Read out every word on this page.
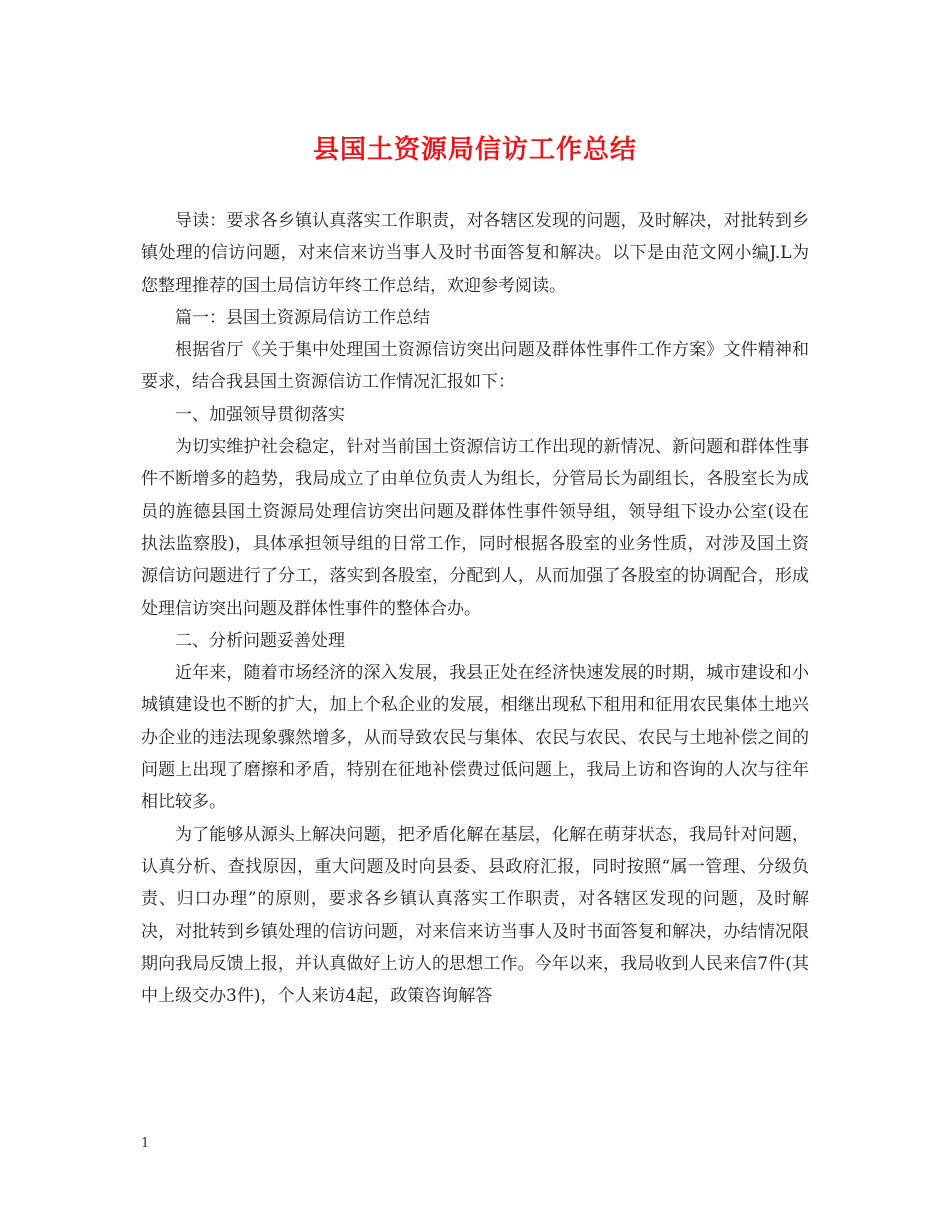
县国土资源局信访工作总结

导读：要求各乡镇认真落实工作职责，对各辖区发现的问题，及时解决，对批转到乡镇处理的信访问题，对来信来访当事人及时书面答复和解决。以下是由范文网小编J.L为您整理推荐的国土局信访年终工作总结，欢迎参考阅读。

篇一：县国土资源局信访工作总结

根据省厅《关于集中处理国土资源信访突出问题及群体性事件工作方案》文件精神和要求，结合我县国土资源信访工作情况汇报如下：

一、加强领导贯彻落实

为切实维护社会稳定，针对当前国土资源信访工作出现的新情况、新问题和群体性事件不断增多的趋势，我局成立了由单位负责人为组长，分管局长为副组长，各股室长为成员的旌德县国土资源局处理信访突出问题及群体性事件领导组，领导组下设办公室(设在执法监察股)，具体承担领导组的日常工作，同时根据各股室的业务性质，对涉及国土资源信访问题进行了分工，落实到各股室，分配到人，从而加强了各股室的协调配合，形成处理信访突出问题及群体性事件的整体合办。

二、分析问题妥善处理

近年来，随着市场经济的深入发展，我县正处在经济快速发展的时期，城市建设和小城镇建设也不断的扩大，加上个私企业的发展，相继出现私下租用和征用农民集体土地兴办企业的违法现象骤然增多，从而导致农民与集体、农民与农民、农民与土地补偿之间的问题上出现了磨擦和矛盾，特别在征地补偿费过低问题上，我局上访和咨询的人次与往年相比较多。

为了能够从源头上解决问题，把矛盾化解在基层，化解在萌芽状态，我局针对问题，认真分析、查找原因，重大问题及时向县委、县政府汇报，同时按照“属一管理、分级负责、归口办理”的原则，要求各乡镇认真落实工作职责，对各辖区发现的问题，及时解决，对批转到乡镇处理的信访问题，对来信来访当事人及时书面答复和解决，办结情况限期向我局反馈上报，并认真做好上访人的思想工作。今年以来，我局收到人民来信7件(其中上级交办3件)，个人来访4起，政策咨询解答

1
